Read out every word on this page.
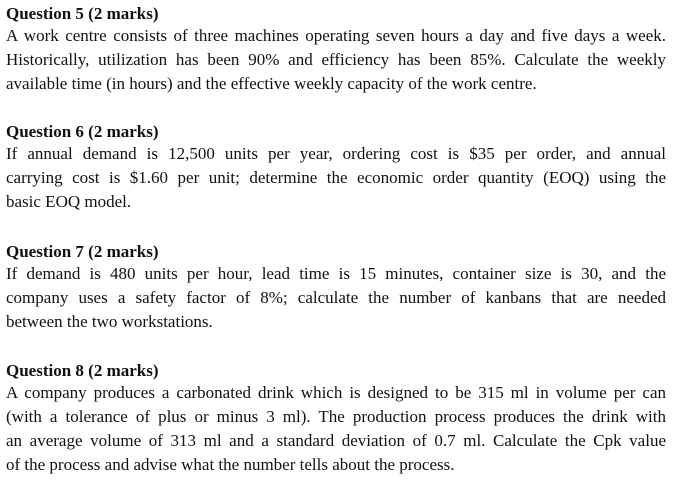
Question 5 (2 marks)

A work centre consists of three machines operating seven hours a day and five days a week.
Historically, utilization has been 90% and efficiency has been 85%. Calculate the weekly
available time (in hours) and the effective weekly capacity of the work centre.

Question 6 (2 marks)

If annual demand is 12,500 units per year, ordering cost is $35 per order, and annual
carrying cost is $1.60 per unit; determine the economic order quantity (EOQ) using the
basic EOQ model.

Question 7 (2 marks)

If demand is 480 units per hour, lead time is 15 minutes, container size is 30, and the
company uses a safety factor of 8%; calculate the number of kanbans that are needed
between the two workstations.

Question 8 (2 marks)

A company produces a carbonated drink which is designed to be 315 ml in volume per can
(with a tolerance of plus or minus 3 ml). The production process produces the drink with
an average volume of 313 ml and a standard deviation of 0.7 ml. Calculate the Cpk value
of the process and advise what the number tells about the process.
